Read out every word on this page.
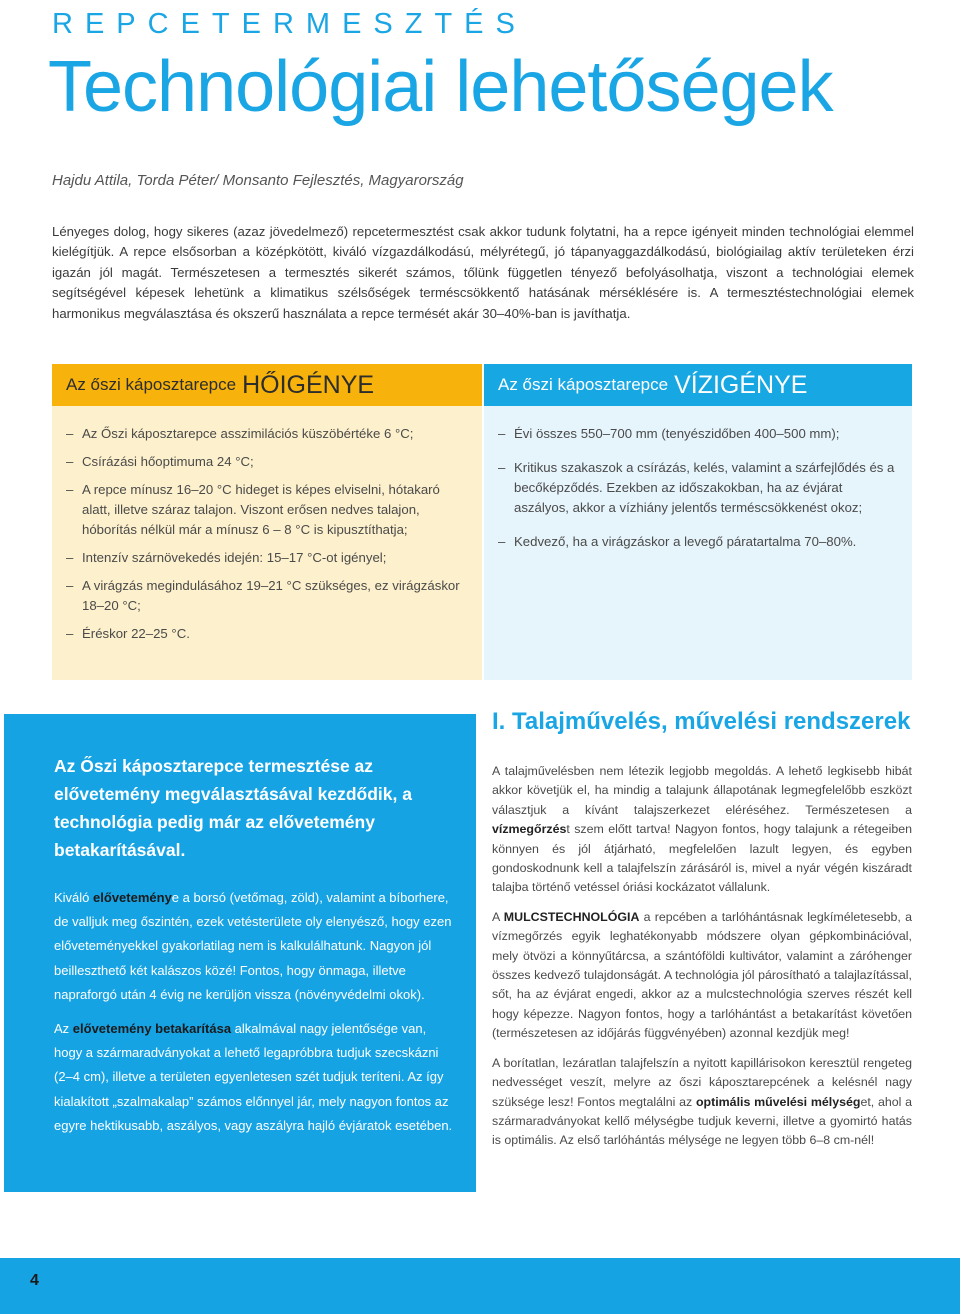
REPCETERMESZTÉS
Technológiai lehetőségek
Hajdu Attila, Torda Péter/ Monsanto Fejlesztés, Magyarország
Lényeges dolog, hogy sikeres (azaz jövedelmező) repcetermesztést csak akkor tudunk folytatni, ha a repce igényeit minden technológiai elemmel kielégítjük. A repce elsősorban a középkötött, kiváló vízgazdálkodású, mélyrétegű, jó tápanyaggazdálkodású, biológiailag aktív területeken érzi igazán jól magát. Természetesen a termesztés sikerét számos, tőlünk független tényező befolyásolhatja, viszont a technológiai elemek segítségével képesek lehetünk a klimatikus szélsőségek terméscsökkentő hatásának mérséklésére is. A termesztéstechnológiai elemek harmonikus megválasztása és okszerű használata a repce termését akár 30–40%-ban is javíthatja.
Az őszi káposztarepce HŐIGÉNYE
– Az Őszi káposztarepce asszimilációs küszöbértéke 6 °C;
– Csírázási hőoptimuma 24 °C;
– A repce mínusz 16–20 °C hideget is képes elviselni, hótakaró alatt, illetve száraz talajon. Viszont erősen nedves talajon, hóborítás nélkül már a mínusz 6 – 8 °C is kipusztíthatja;
– Intenzív szárnövekedés idején: 15–17 °C-ot igényel;
– A virágzás megindulásához 19–21 °C szükséges, ez virágzáskor 18–20 °C;
– Éréskor 22–25 °C.
Az őszi káposztarepce VÍZIGÉNYE
– Évi összes 550–700 mm (tenyészidőben 400–500 mm);
– Kritikus szakaszok a csírázás, kelés, valamint a szárfejlődés és a becőképződés. Ezekben az időszakokban, ha az évjárat aszályos, akkor a vízhiány jelentős terméscsökkenést okoz;
– Kedvező, ha a virágzáskor a levegő páratartalma 70–80%.
Az Őszi káposztarepce termesztése az elővetemény megválasztásával kezdődik, a technológia pedig már az elővetemény betakarításával.

Kiváló előveteménye a borsó (vetőmag, zöld), valamint a bíborhere, de valljuk meg őszintén, ezek vetésterülete oly elenyésző, hogy ezen előveteményekkel gyakorlatilag nem is kalkulálhatunk. Nagyon jól beilleszthető két kalászos közé! Fontos, hogy önmaga, illetve napraforgó után 4 évig ne kerüljön vissza (növényvédelmi okok).

Az elővetemény betakarítása alkalmával nagy jelentősége van, hogy a szármaradványokat a lehető legapróbbra tudjuk szecskázni (2–4 cm), illetve a területen egyenletesen szét tudjuk teríteni. Az így kialakított „szalmakalap” számos előnnyel jár, mely nagyon fontos az egyre hektikusabb, aszályos, vagy aszályra hajló évjáratok esetében.

I. Talajművelés, művelési rendszerek

A talajművelésben nem létezik legjobb megoldás. A lehető legkisebb hibát akkor követjük el, ha mindig a talajunk állapotának legmegfelelőbb eszközt választjuk a kívánt talajszerkezet eléréséhez. Természetesen a vízmegőrzést szem előtt tartva! Nagyon fontos, hogy talajunk a rétegeiben könnyen és jól átjárható, megfelelően lazult legyen, és egyben gondoskodnunk kell a talajfelszín zárásáról is, mivel a nyár végén kiszáradt talajba történő vetéssel óriási kockázatot vállalunk.

A MULCSTECHNOLÓGIA a repcében a tarlóhántásnak legkíméletesebb, a vízmegőrzés egyik leghatékonyabb módszere olyan gépkombinációval, mely ötvözi a könnyűtárcsa, a szántóföldi kultivátor, valamint a záróhenger összes kedvező tulajdonságát. A technológia jól párosítható a talajlazítással, sőt, ha az évjárat engedi, akkor az a mulcstechnológia szerves részét kell hogy képezze. Nagyon fontos, hogy a tarlóhántást a betakarítást követően (természetesen az időjárás függvényében) azonnal kezdjük meg!

A borítatlan, lezáratlan talajfelszín a nyitott kapillárisokon keresztül rengeteg nedvességet veszít, melyre az őszi káposztarepcének a kelésnél nagy szüksége lesz! Fontos megtalálni az optimális művelési mélységet, ahol a szármaradványokat kellő mélységbe tudjuk keverni, illetve a gyomirtó hatás is optimális. Az első tarlóhántás mélysége ne legyen több 6–8 cm-nél!

4
